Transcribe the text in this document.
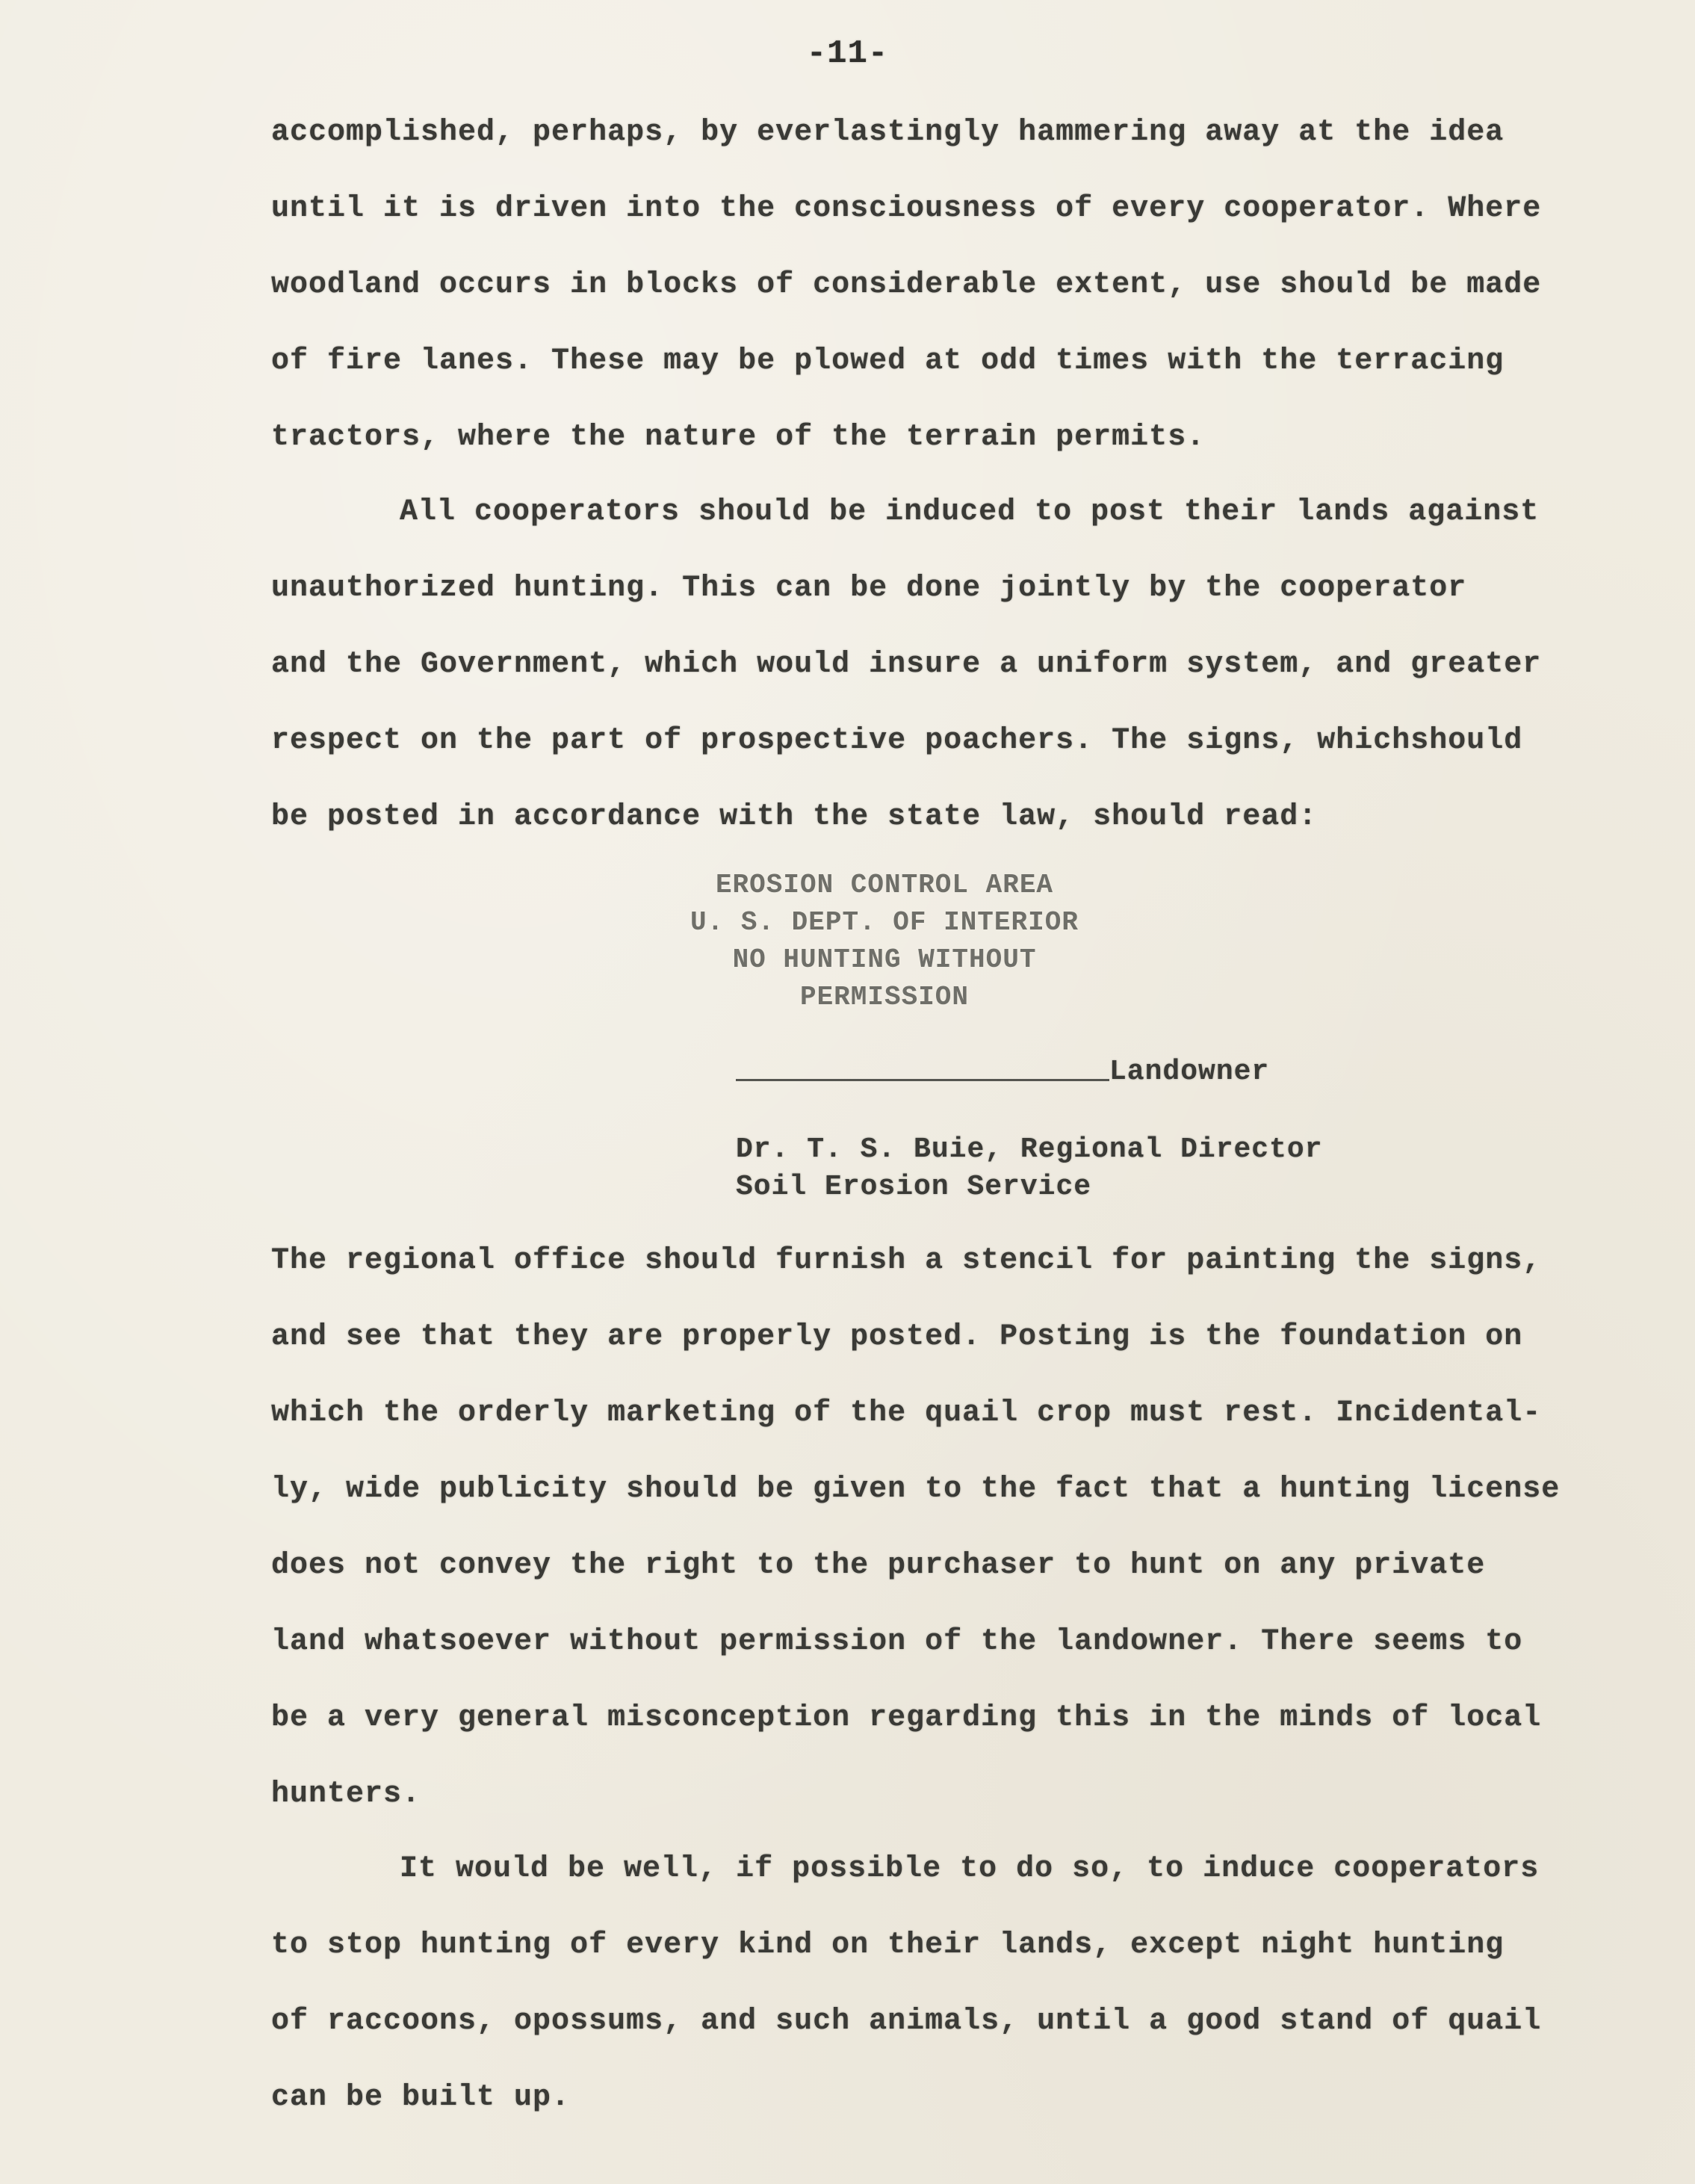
-11-
accomplished, perhaps, by everlastingly hammering away at the idea
until it is driven into the consciousness of every cooperator. Where
woodland occurs in blocks of considerable extent, use should be made
of fire lanes. These may be plowed at odd times with the terracing
tractors, where the nature of the terrain permits.
All cooperators should be induced to post their lands against
unauthorized hunting. This can be done jointly by the cooperator
and the Government, which would insure a uniform system, and greater
respect on the part of prospective poachers. The signs, whichshould
be posted in accordance with the state law, should read:
EROSION CONTROL AREA
U. S. DEPT. OF INTERIOR
NO HUNTING WITHOUT
PERMISSION
Landowner
Dr. T. S. Buie, Regional Director
Soil Erosion Service
The regional office should furnish a stencil for painting the signs,
and see that they are properly posted. Posting is the foundation on
which the orderly marketing of the quail crop must rest. Incidental-
ly, wide publicity should be given to the fact that a hunting license
does not convey the right to the purchaser to hunt on any private
land whatsoever without permission of the landowner. There seems to
be a very general misconception regarding this in the minds of local
hunters.
It would be well, if possible to do so, to induce cooperators
to stop hunting of every kind on their lands, except night hunting
of raccoons, opossums, and such animals, until a good stand of quail
can be built up.
